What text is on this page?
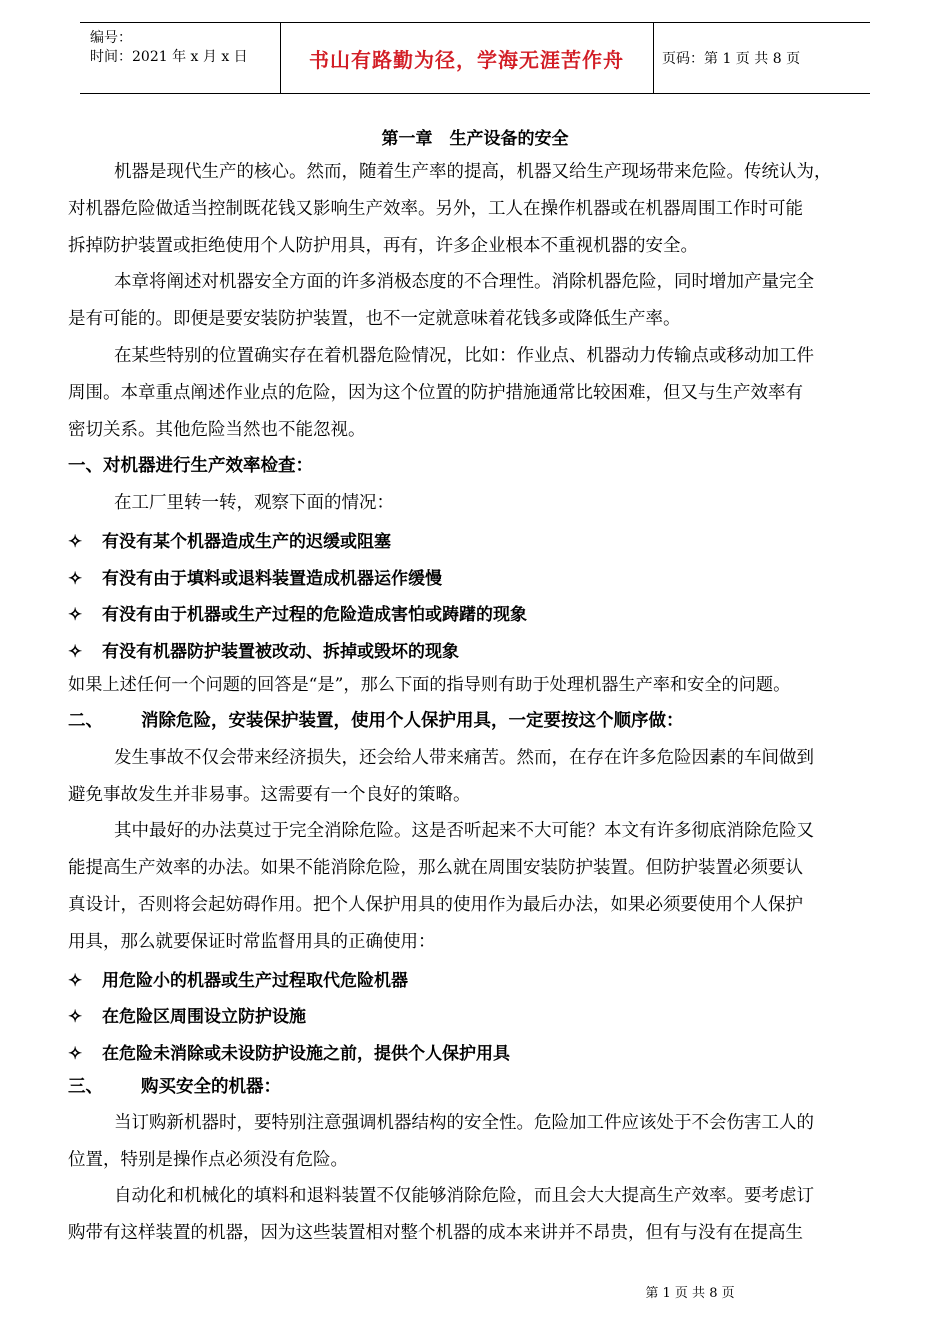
编号：
时间：2021 年 x 月 x 日	书山有路勤为径，学海无涯苦作舟	页码：第 1 页 共 8 页
第一章　生产设备的安全
机器是现代生产的核心。然而，随着生产率的提高，机器又给生产现场带来危险。传统认为，
对机器危险做适当控制既花钱又影响生产效率。另外，工人在操作机器或在机器周围工作时可能
拆掉防护装置或拒绝使用个人防护用具，再有，许多企业根本不重视机器的安全。
本章将阐述对机器安全方面的许多消极态度的不合理性。消除机器危险，同时增加产量完全
是有可能的。即便是要安装防护装置，也不一定就意味着花钱多或降低生产率。
在某些特别的位置确实存在着机器危险情况，比如：作业点、机器动力传输点或移动加工件
周围。本章重点阐述作业点的危险，因为这个位置的防护措施通常比较困难，但又与生产效率有
密切关系。其他危险当然也不能忽视。
一、对机器进行生产效率检查：
在工厂里转一转，观察下面的情况：
✧ 有没有某个机器造成生产的迟缓或阻塞
✧ 有没有由于填料或退料装置造成机器运作缓慢
✧ 有没有由于机器或生产过程的危险造成害怕或踌躇的现象
✧ 有没有机器防护装置被改动、拆掉或毁坏的现象
如果上述任何一个问题的回答是“是”，那么下面的指导则有助于处理机器生产率和安全的问题。
二、 消除危险，安装保护装置，使用个人保护用具，一定要按这个顺序做：
发生事故不仅会带来经济损失，还会给人带来痛苦。然而，在存在许多危险因素的车间做到
避免事故发生并非易事。这需要有一个良好的策略。
其中最好的办法莫过于完全消除危险。这是否听起来不大可能？本文有许多彻底消除危险又
能提高生产效率的办法。如果不能消除危险，那么就在周围安装防护装置。但防护装置必须要认
真设计，否则将会起妨碍作用。把个人保护用具的使用作为最后办法，如果必须要使用个人保护
用具，那么就要保证时常监督用具的正确使用：
✧ 用危险小的机器或生产过程取代危险机器
✧ 在危险区周围设立防护设施
✧ 在危险未消除或未设防护设施之前，提供个人保护用具
三、 购买安全的机器：
当订购新机器时，要特别注意强调机器结构的安全性。危险加工件应该处于不会伤害工人的
位置，特别是操作点必须没有危险。
自动化和机械化的填料和退料装置不仅能够消除危险，而且会大大提高生产效率。要考虑订
购带有这样装置的机器，因为这些装置相对整个机器的成本来讲并不昂贵，但有与没有在提高生
第 1 页 共 8 页
